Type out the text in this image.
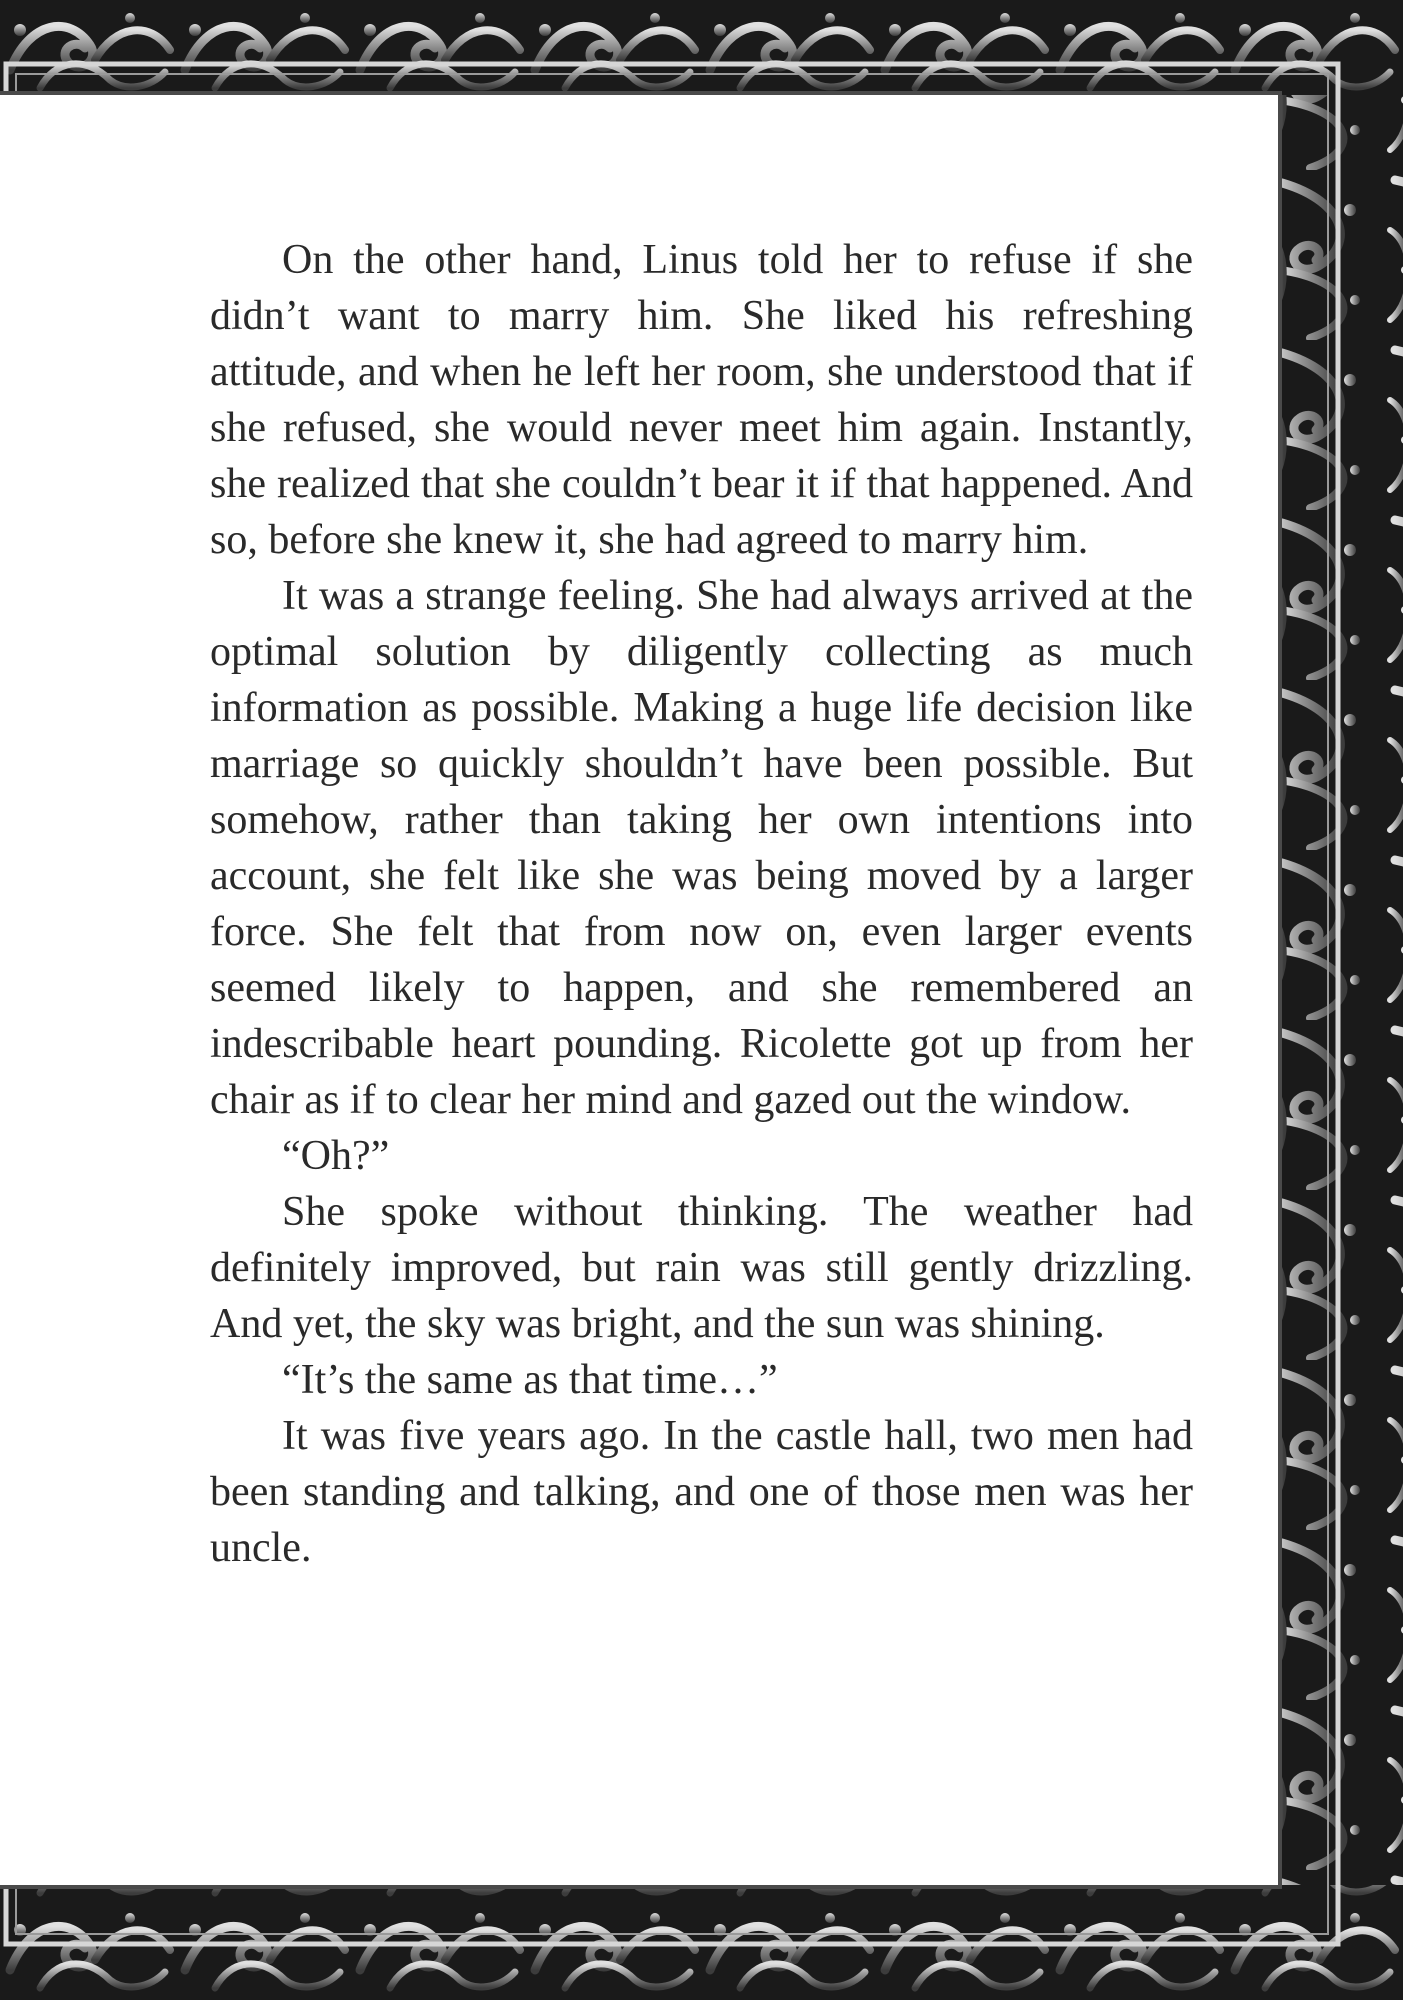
On the other hand, Linus told her to refuse if she didn’t want to marry him. She liked his refreshing attitude, and when he left her room, she understood that if she refused, she would never meet him again. Instantly, she realized that she couldn’t bear it if that happened. And so, before she knew it, she had agreed to marry him.

It was a strange feeling. She had always arrived at the optimal solution by diligently collecting as much information as possible. Making a huge life decision like marriage so quickly shouldn’t have been possible. But somehow, rather than taking her own intentions into account, she felt like she was being moved by a larger force. She felt that from now on, even larger events seemed likely to happen, and she remembered an indescribable heart pounding. Ricolette got up from her chair as if to clear her mind and gazed out the window.

“Oh?”

She spoke without thinking. The weather had definitely improved, but rain was still gently drizzling. And yet, the sky was bright, and the sun was shining.

“It’s the same as that time…”

It was five years ago. In the castle hall, two men had been standing and talking, and one of those men was her uncle.
